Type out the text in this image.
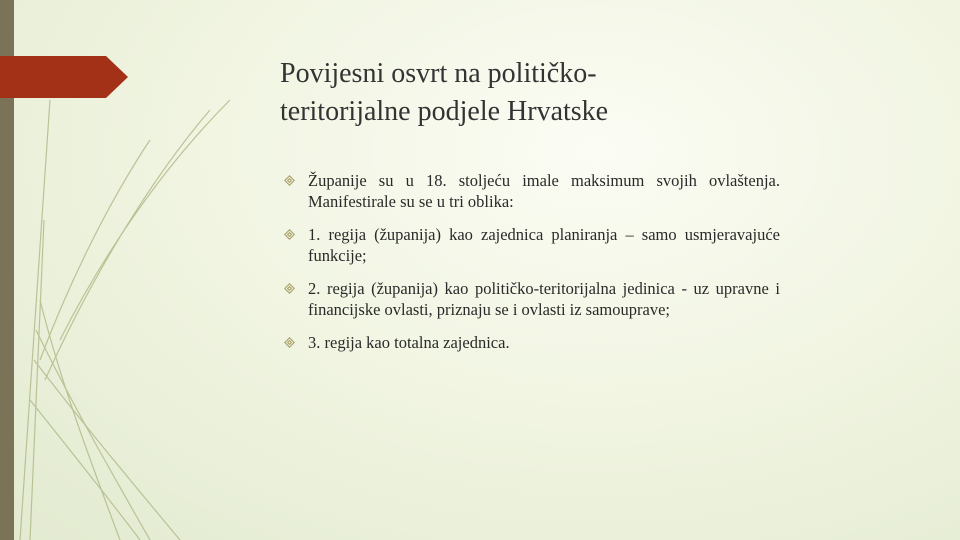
Povijesni osvrt na političko-
teritorijalne podjele Hrvatske
Županije su u 18. stoljeću imale maksimum svojih ovlaštenja. Manifestirale su se u tri oblika:
1. regija (županija) kao zajednica planiranja – samo usmjeravajuće funkcije;
2. regija (županija) kao političko-teritorijalna jedinica - uz upravne i financijske ovlasti, priznaju se i ovlasti iz samouprave;
3. regija kao totalna zajednica.
